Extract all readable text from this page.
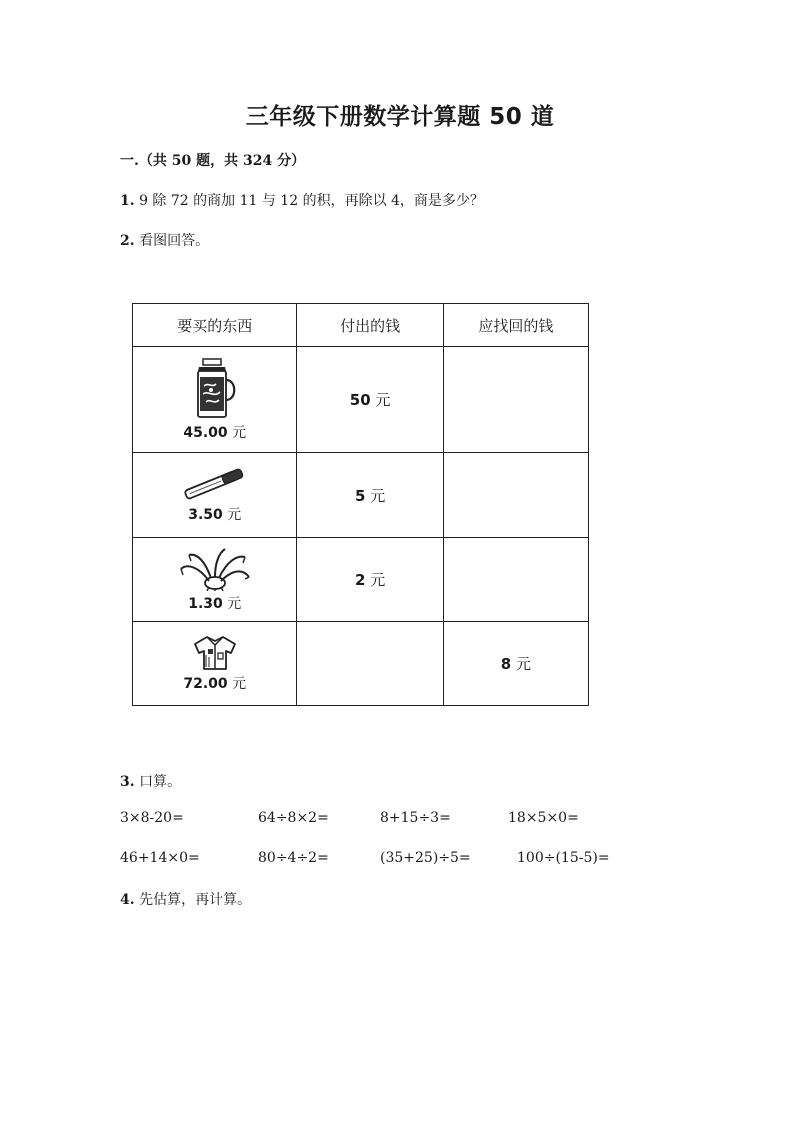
三年级下册数学计算题 50 道
一.（共 50 题，共 324 分）
1. 9 除 72 的商加 11 与 12 的积，再除以 4，商是多少？
2. 看图回答。
要买的东西	付出的钱	应找回的钱

45.00 元	50 元	

3.50 元	5 元	

1.30 元	2 元	

72.00 元		8 元
3. 口算。
3×8-20=	64÷8×2=	8+15÷3=	18×5×0=
46+14×0=	80÷4÷2=	(35+25)÷5=	100÷(15-5)=
4. 先估算，再计算。
